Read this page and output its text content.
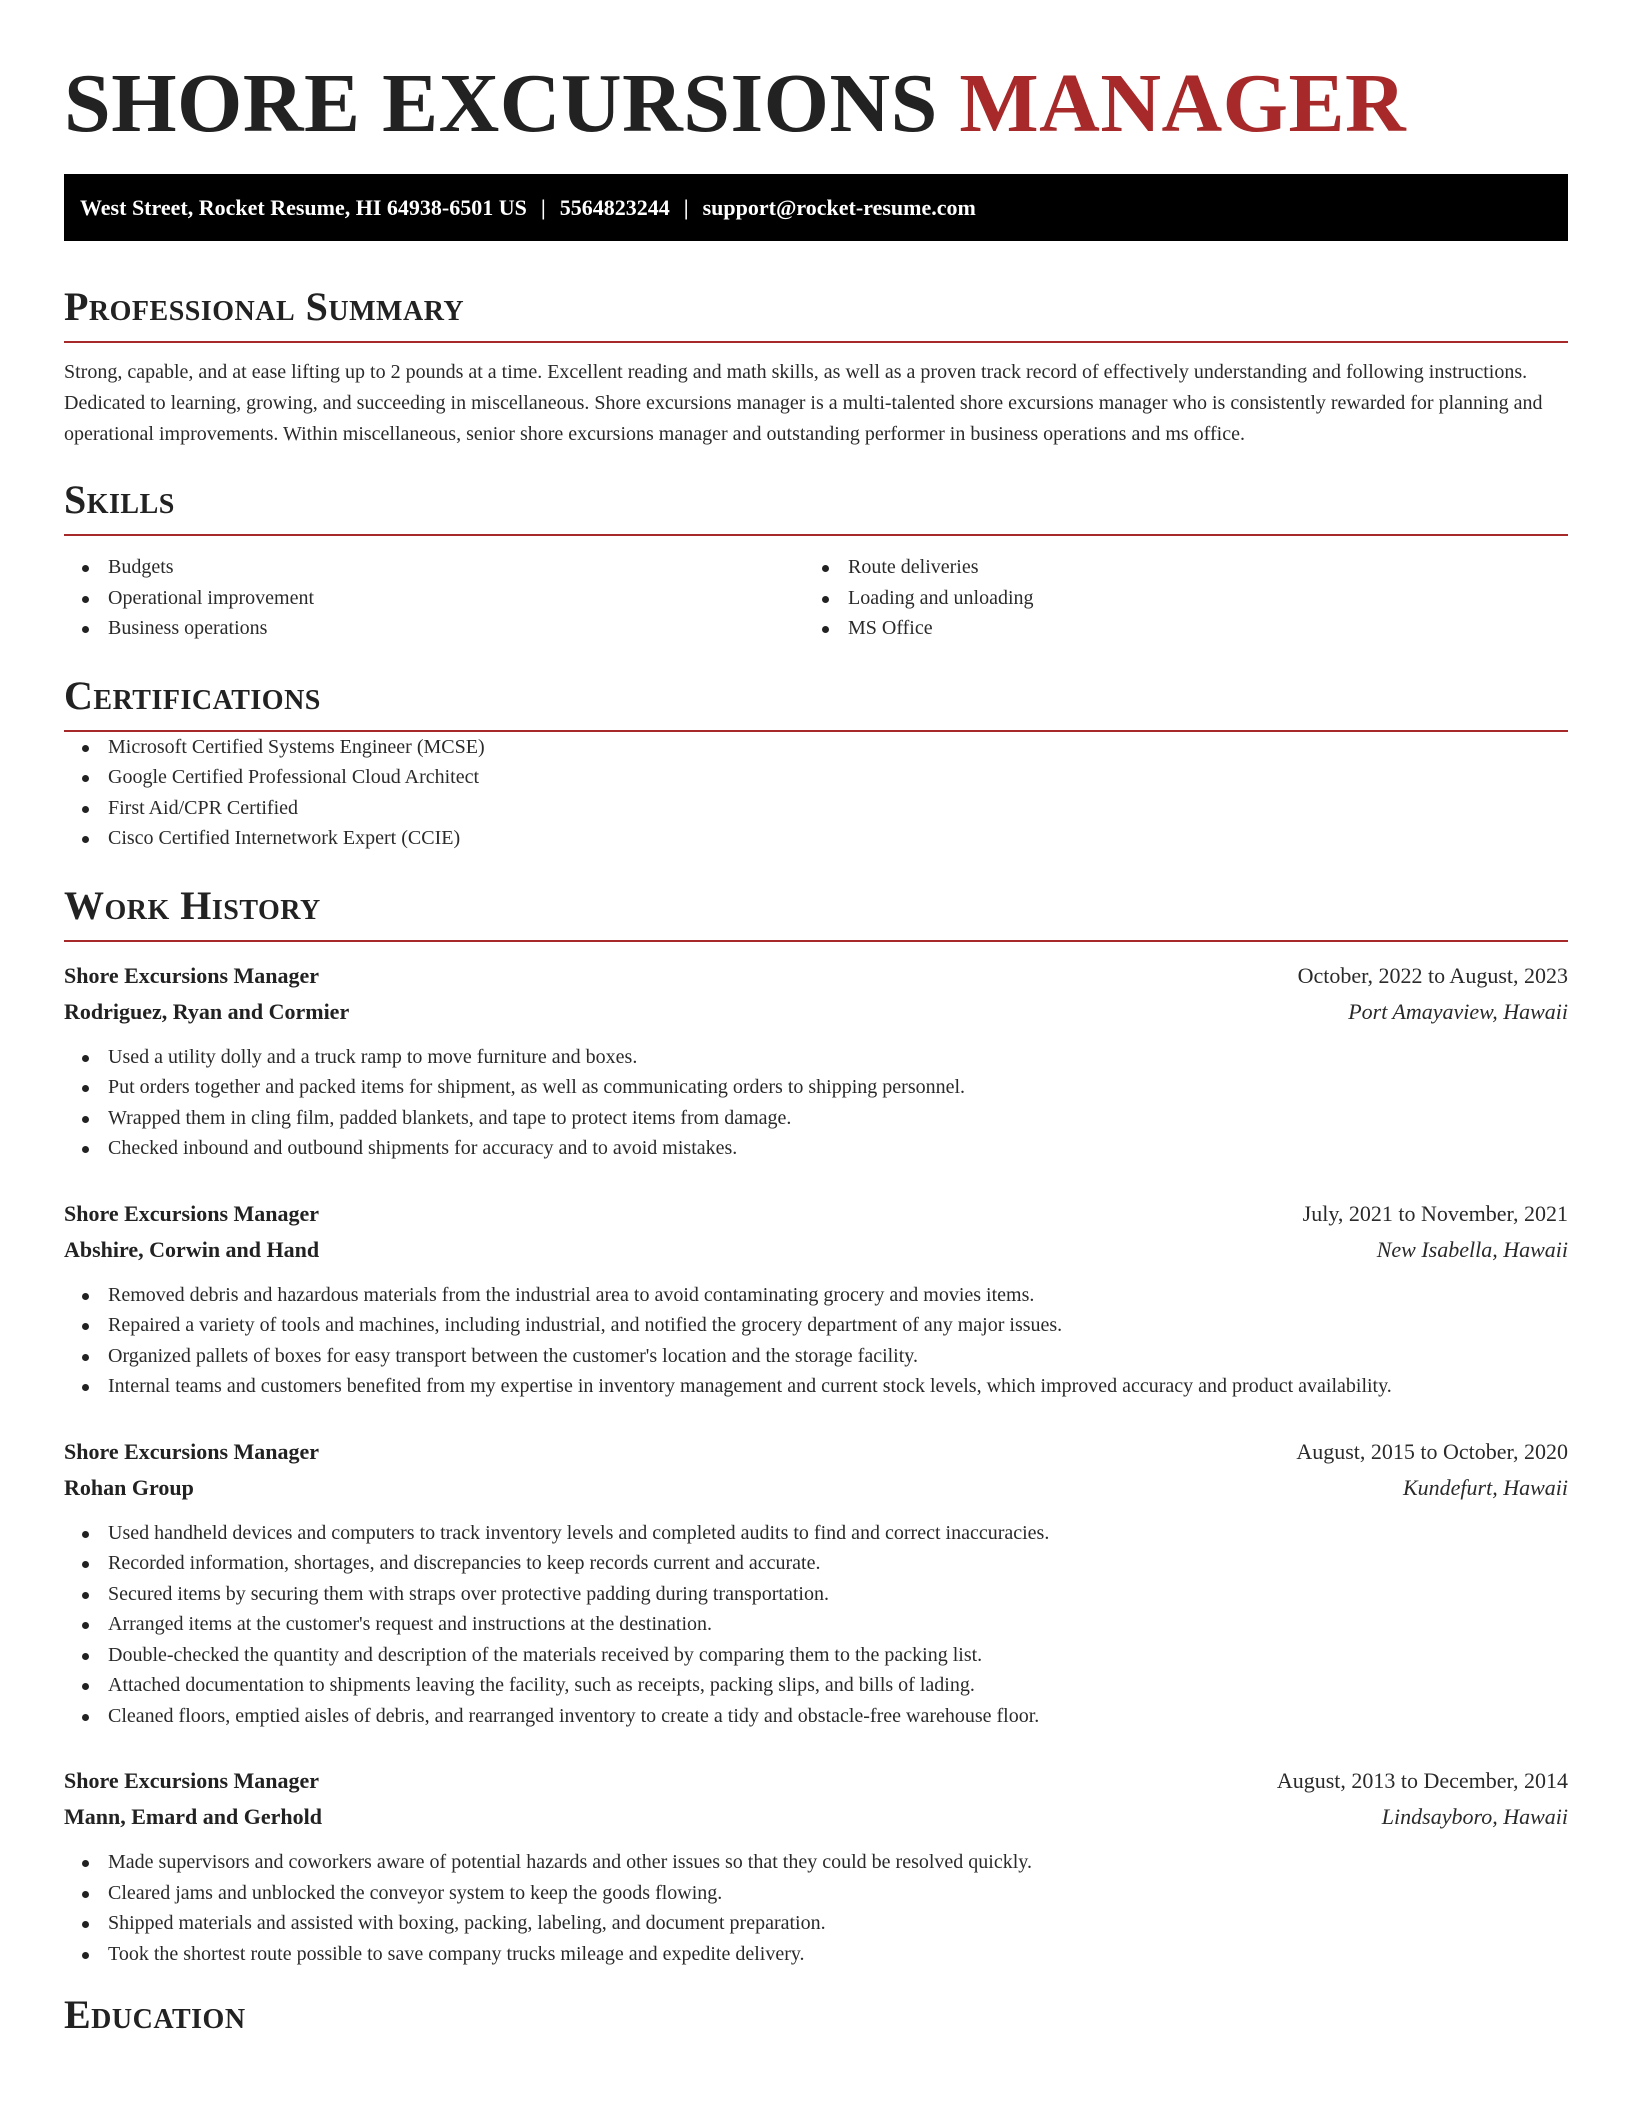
SHORE EXCURSIONS MANAGER
West Street, Rocket Resume, HI 64938-6501 US | 5564823244 | support@rocket-resume.com
Professional Summary

Strong, capable, and at ease lifting up to 2 pounds at a time. Excellent reading and math skills, as well as a proven track record of effectively understanding and following instructions. Dedicated to learning, growing, and succeeding in miscellaneous. Shore excursions manager is a multi-talented shore excursions manager who is consistently rewarded for planning and operational improvements. Within miscellaneous, senior shore excursions manager and outstanding performer in business operations and ms office.

Skills
Budgets
Operational improvement
Business operations
Route deliveries
Loading and unloading
MS Office
Certifications
Microsoft Certified Systems Engineer (MCSE)
Google Certified Professional Cloud Architect
First Aid/CPR Certified
Cisco Certified Internetwork Expert (CCIE)
Work History
Shore Excursions Manager	October, 2022 to August, 2023
Rodriguez, Ryan and Cormier	Port Amayaview, Hawaii
Used a utility dolly and a truck ramp to move furniture and boxes.
Put orders together and packed items for shipment, as well as communicating orders to shipping personnel.
Wrapped them in cling film, padded blankets, and tape to protect items from damage.
Checked inbound and outbound shipments for accuracy and to avoid mistakes.
Shore Excursions Manager	July, 2021 to November, 2021
Abshire, Corwin and Hand	New Isabella, Hawaii
Removed debris and hazardous materials from the industrial area to avoid contaminating grocery and movies items.
Repaired a variety of tools and machines, including industrial, and notified the grocery department of any major issues.
Organized pallets of boxes for easy transport between the customer's location and the storage facility.
Internal teams and customers benefited from my expertise in inventory management and current stock levels, which improved accuracy and product availability.
Shore Excursions Manager	August, 2015 to October, 2020
Rohan Group	Kundefurt, Hawaii
Used handheld devices and computers to track inventory levels and completed audits to find and correct inaccuracies.
Recorded information, shortages, and discrepancies to keep records current and accurate.
Secured items by securing them with straps over protective padding during transportation.
Arranged items at the customer's request and instructions at the destination.
Double-checked the quantity and description of the materials received by comparing them to the packing list.
Attached documentation to shipments leaving the facility, such as receipts, packing slips, and bills of lading.
Cleaned floors, emptied aisles of debris, and rearranged inventory to create a tidy and obstacle-free warehouse floor.
Shore Excursions Manager	August, 2013 to December, 2014
Mann, Emard and Gerhold	Lindsayboro, Hawaii
Made supervisors and coworkers aware of potential hazards and other issues so that they could be resolved quickly.
Cleared jams and unblocked the conveyor system to keep the goods flowing.
Shipped materials and assisted with boxing, packing, labeling, and document preparation.
Took the shortest route possible to save company trucks mileage and expedite delivery.
Education
